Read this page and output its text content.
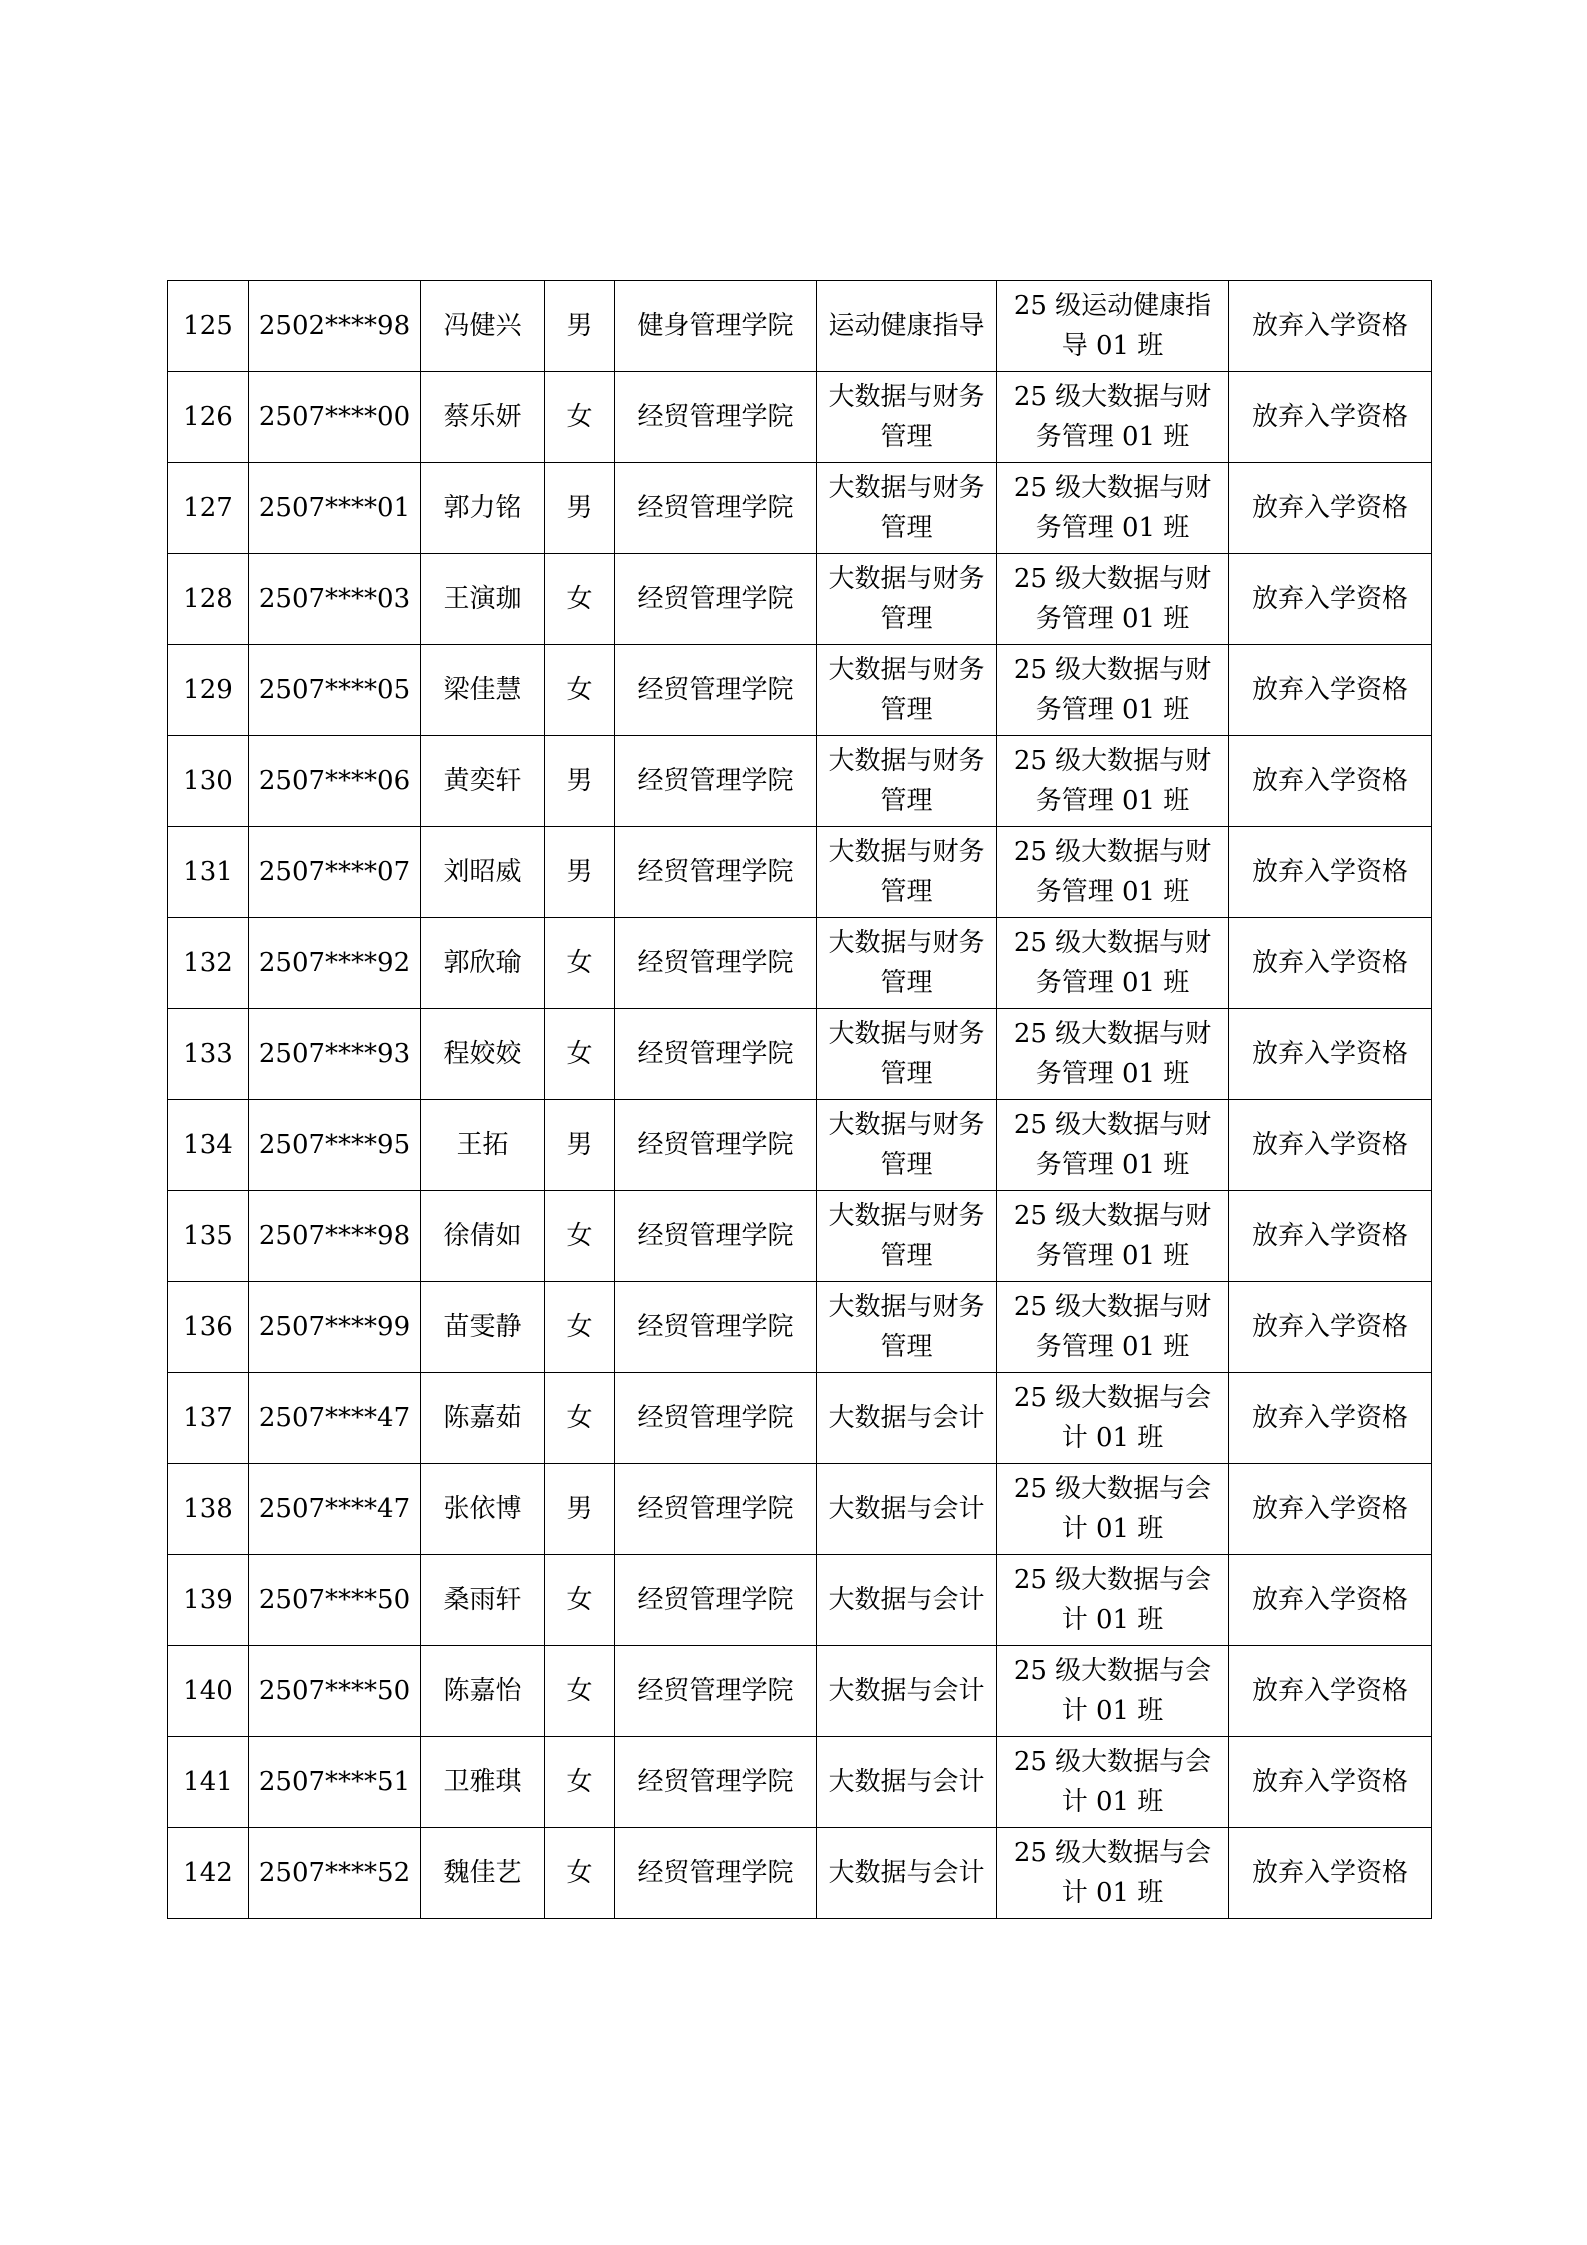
125	2502****98	冯健兴	男	健身管理学院	运动健康指导	25 级运动健康指导 01 班	放弃入学资格
126	2507****00	蔡乐妍	女	经贸管理学院	大数据与财务管理	25 级大数据与财务管理 01 班	放弃入学资格
127	2507****01	郭力铭	男	经贸管理学院	大数据与财务管理	25 级大数据与财务管理 01 班	放弃入学资格
128	2507****03	王演珈	女	经贸管理学院	大数据与财务管理	25 级大数据与财务管理 01 班	放弃入学资格
129	2507****05	梁佳慧	女	经贸管理学院	大数据与财务管理	25 级大数据与财务管理 01 班	放弃入学资格
130	2507****06	黄奕轩	男	经贸管理学院	大数据与财务管理	25 级大数据与财务管理 01 班	放弃入学资格
131	2507****07	刘昭威	男	经贸管理学院	大数据与财务管理	25 级大数据与财务管理 01 班	放弃入学资格
132	2507****92	郭欣瑜	女	经贸管理学院	大数据与财务管理	25 级大数据与财务管理 01 班	放弃入学资格
133	2507****93	程姣姣	女	经贸管理学院	大数据与财务管理	25 级大数据与财务管理 01 班	放弃入学资格
134	2507****95	王拓	男	经贸管理学院	大数据与财务管理	25 级大数据与财务管理 01 班	放弃入学资格
135	2507****98	徐倩如	女	经贸管理学院	大数据与财务管理	25 级大数据与财务管理 01 班	放弃入学资格
136	2507****99	苗雯静	女	经贸管理学院	大数据与财务管理	25 级大数据与财务管理 01 班	放弃入学资格
137	2507****47	陈嘉茹	女	经贸管理学院	大数据与会计	25 级大数据与会计 01 班	放弃入学资格
138	2507****47	张依博	男	经贸管理学院	大数据与会计	25 级大数据与会计 01 班	放弃入学资格
139	2507****50	桑雨轩	女	经贸管理学院	大数据与会计	25 级大数据与会计 01 班	放弃入学资格
140	2507****50	陈嘉怡	女	经贸管理学院	大数据与会计	25 级大数据与会计 01 班	放弃入学资格
141	2507****51	卫雅琪	女	经贸管理学院	大数据与会计	25 级大数据与会计 01 班	放弃入学资格
142	2507****52	魏佳艺	女	经贸管理学院	大数据与会计	25 级大数据与会计 01 班	放弃入学资格
